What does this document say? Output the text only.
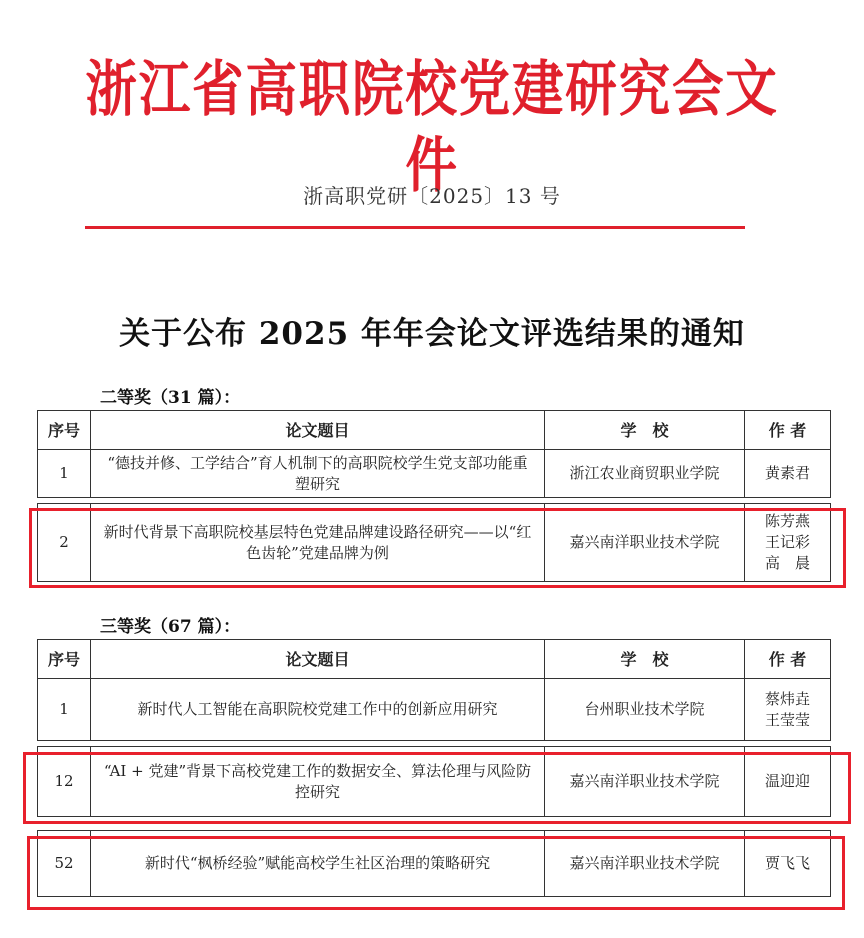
浙江省高职院校党建研究会文件
浙高职党研〔2025〕13 号
关于公布 2025 年年会论文评选结果的通知
二等奖（31 篇）：
序号	论文题目	学　校	作 者
1	“德技并修、工学结合”育人机制下的高职院校学生党支部功能重塑研究	浙江农业商贸职业学院	黄素君

2	新时代背景下高职院校基层特色党建品牌建设路径研究——以“红色齿轮”党建品牌为例	嘉兴南洋职业技术学院	陈芳燕
王记彩
高　晨
三等奖（67 篇）：
序号	论文题目	学　校	作 者
1	新时代人工智能在高职院校党建工作中的创新应用研究	台州职业技术学院	蔡炜垚
王莹莹

12	“AI + 党建”背景下高校党建工作的数据安全、算法伦理与风险防控研究	嘉兴南洋职业技术学院	温迎迎

52	新时代“枫桥经验”赋能高校学生社区治理的策略研究	嘉兴南洋职业技术学院	贾飞飞
